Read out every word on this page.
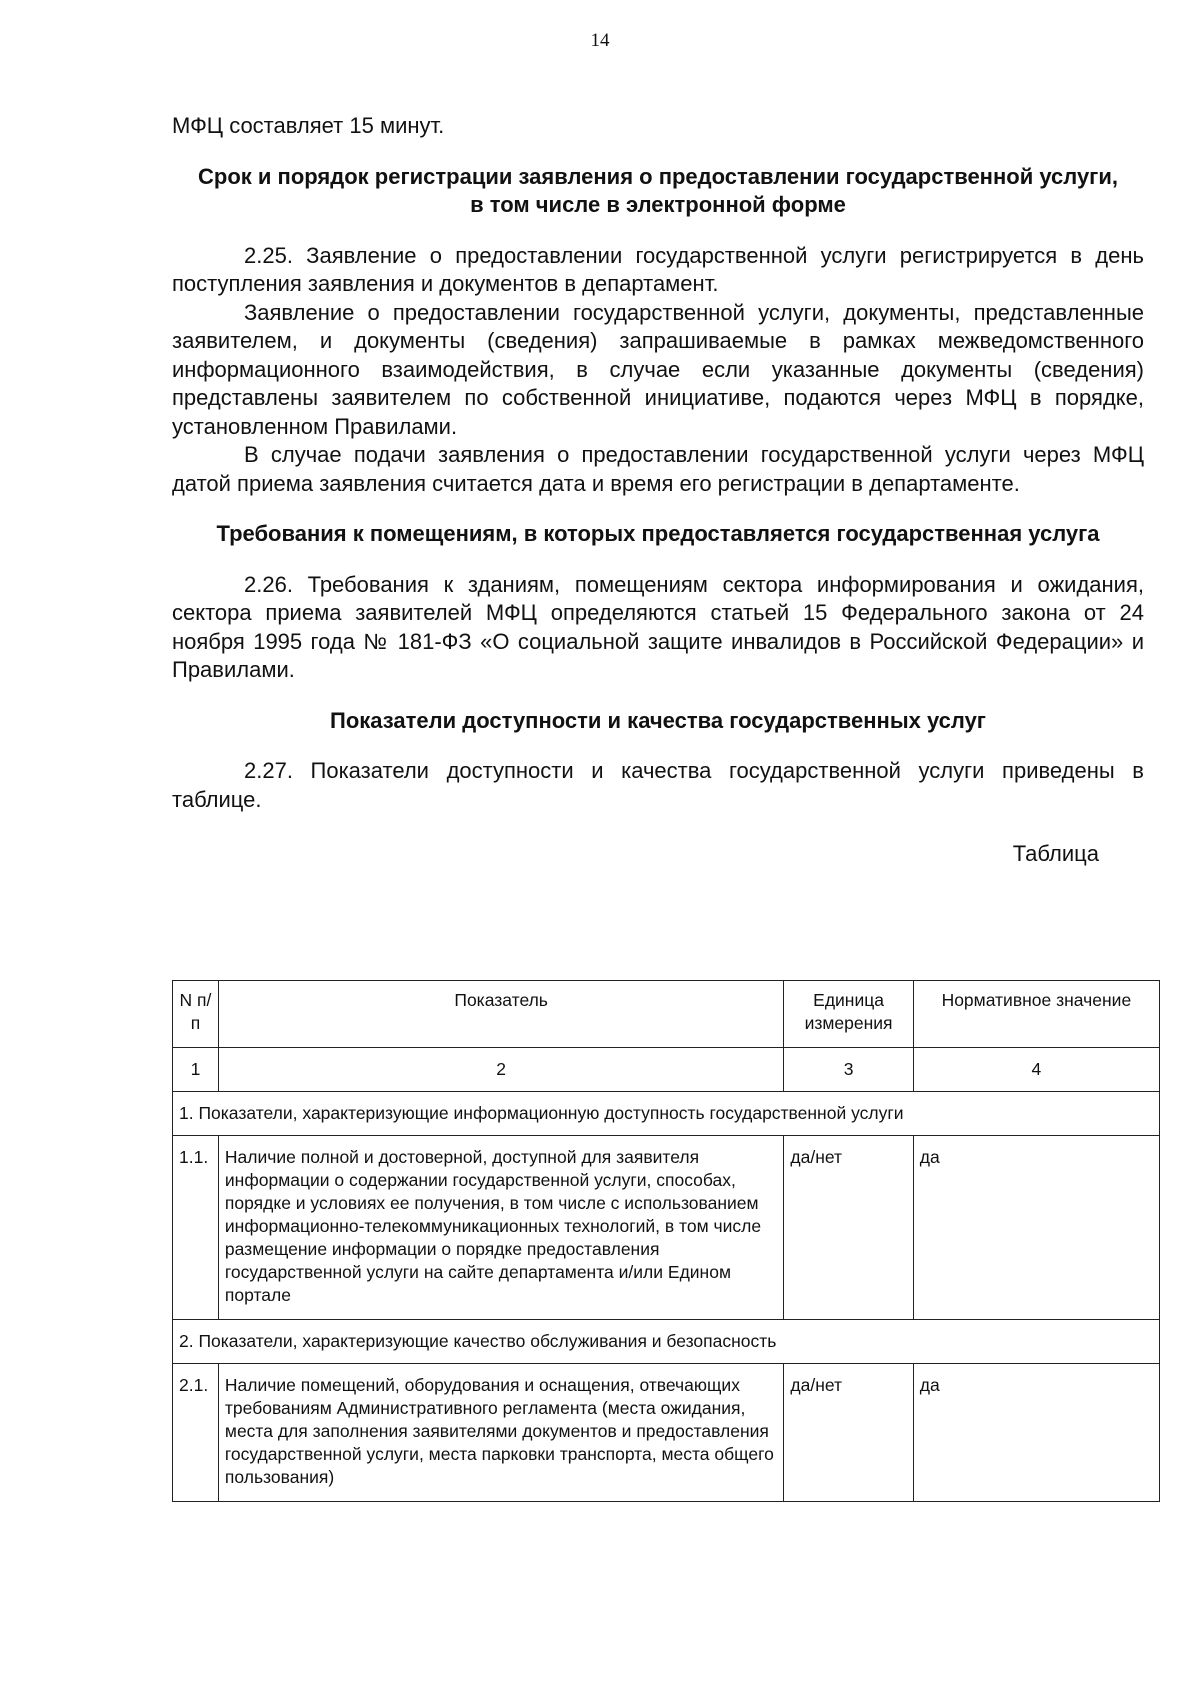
14

МФЦ составляет 15 минут.

Срок и порядок регистрации заявления о предоставлении государственной услуги, в том числе в электронной форме

2.25. Заявление о предоставлении государственной услуги регистрируется в день поступления заявления и документов в департамент.

Заявление о предоставлении государственной услуги, документы, представленные заявителем, и документы (сведения) запрашиваемые в рамках межведомственного информационного взаимодействия, в случае если указанные документы (сведения) представлены заявителем по собственной инициативе, подаются через МФЦ в порядке, установленном Правилами.

В случае подачи заявления о предоставлении государственной услуги через МФЦ датой приема заявления считается дата и время его регистрации в департаменте.

Требования к помещениям, в которых предоставляется государственная услуга

2.26. Требования к зданиям, помещениям сектора информирования и ожидания, сектора приема заявителей МФЦ определяются статьей 15 Федерального закона от 24 ноября 1995 года № 181-ФЗ «О социальной защите инвалидов в Российской Федерации» и Правилами.

Показатели доступности и качества государственных услуг

2.27. Показатели доступности и качества государственной услуги приведены в таблице.

Таблица
N п/п	Показатель	Единица измерения	Нормативное значение
1	2	3	4
1. Показатели, характеризующие информационную доступность государственной услуги			
1.1.	Наличие полной и достоверной, доступной для заявителя информации о содержании государственной услуги, способах, порядке и условиях ее получения, в том числе с использованием информационно-телекоммуникационных технологий, в том числе размещение информации о порядке предоставления государственной услуги на сайте департамента и/или Едином портале	да/нет	да
2. Показатели, характеризующие качество обслуживания и безопасность			
2.1.	Наличие помещений, оборудования и оснащения, отвечающих требованиям Административного регламента (места ожидания, места для заполнения заявителями документов и предоставления государственной услуги, места парковки транспорта, места общего пользования)	да/нет	да
